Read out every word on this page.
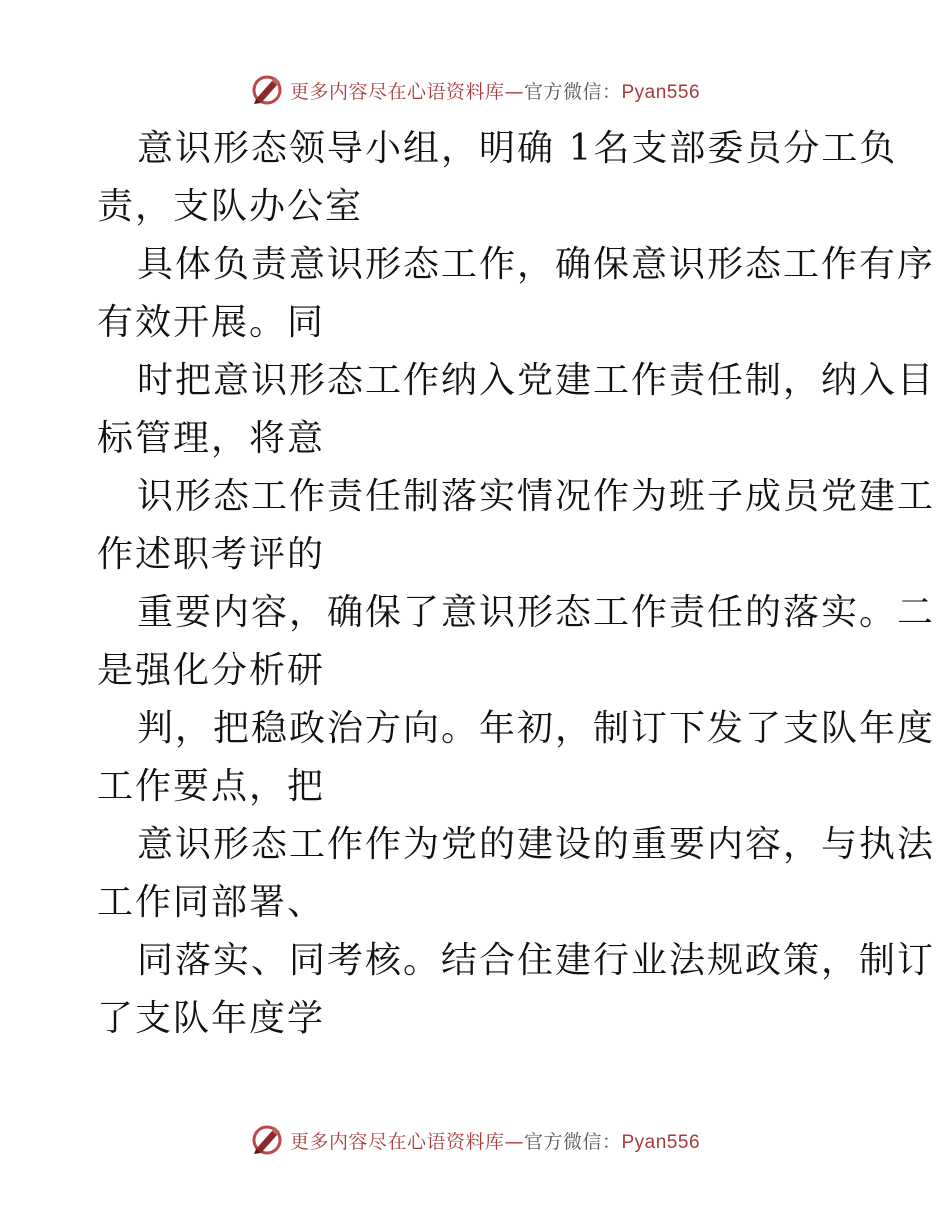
更多内容尽在心语资料库—官方微信：Pyan556
意识形态领导小组，明确 1名支部委员分工负
责，支队办公室
具体负责意识形态工作，确保意识形态工作有序
有效开展。同
时把意识形态工作纳入党建工作责任制，纳入目
标管理，将意
识形态工作责任制落实情况作为班子成员党建工
作述职考评的
重要内容，确保了意识形态工作责任的落实。二
是强化分析研
判，把稳政治方向。年初，制订下发了支队年度
工作要点，把
意识形态工作作为党的建设的重要内容，与执法
工作同部署、
同落实、同考核。结合住建行业法规政策，制订
了支队年度学
更多内容尽在心语资料库—官方微信：Pyan556
